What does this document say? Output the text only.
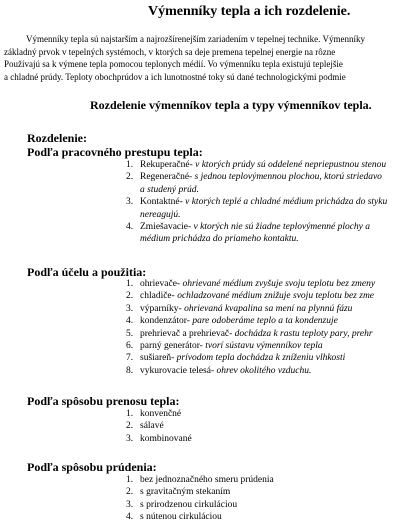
Výmenníky tepla a ich rozdelenie.
Výmenníky tepla sú najstarším a najrozšírenejším zariadením v tepelnej technike. Výmenníky
základný prvok v tepelných systémoch, v ktorých sa deje premena tepelnej energie na rôzne
Používajú sa k výmene tepla pomocou teplonych médií. Vo výmenníku tepla existujú teplejšie
a chladné prúdy. Teploty obochprúdov a ich lunotnostné toky sú dané technologickými podmie
Rozdelenie výmenníkov tepla a typy výmenníkov tepla.
Rozdelenie:
Podľa pracovného prestupu tepla:
1. Rekuperačné- v ktorých prúdy sú oddelené nepriepustnou stenou
2. Regeneračné- s jednou teplovýmennou plochou, ktorú striedavo
a studený prúd.
3. Kontaktné- v ktorých teplé a chladné médium prichádza do styku
nereagujú.
4. Zmiešavacie- v ktorých nie sú žiadne teplovýmenné plochy a
médium prichádza do priameho kontaktu.
Podľa účelu a použitia:
1. ohrievače- ohrievané médium zvyšuje svoju teplotu bez zmeny
2. chladiče- ochladzované médium znižuje svoju teplotu bez zme
3. výparníky- ohrievaná kvapalina sa mení na plynnú fázu
4. kondenzátor- pare odoberáme teplo a ta kondenzuje
5. prehrievač a prehrievač- dochádza k rastu teploty pary, prehr
6. parný generátor- tvorí sústavu výmenníkov tepla
7. sušiareň- prívodom tepla dochádza k zníženiu vlhkosti
8. vykurovacie telesá- ohrev okolitého vzduchu.
Podľa spôsobu prenosu tepla:
1. konvenčné
2. sálavé
3. kombinované
Podľa spôsobu prúdenia:
1. bez jednoznačného smeru prúdenia
2. s gravitačným stekaním
3. s prirodzenou cirkuláciou
4. s nútenou cirkuláciou
